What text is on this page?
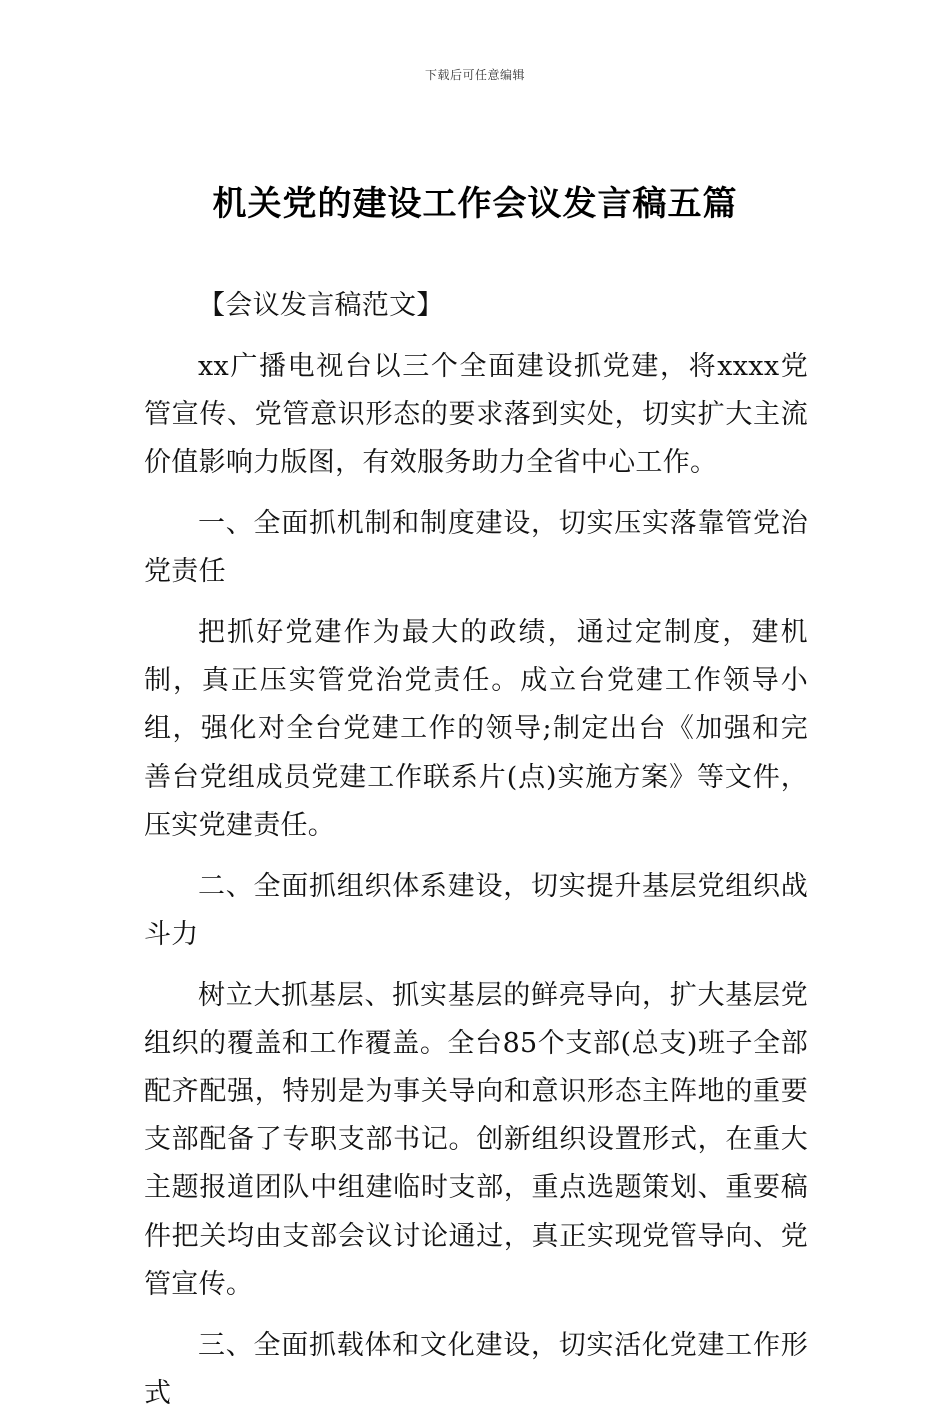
下载后可任意编辑
机关党的建设工作会议发言稿五篇

【会议发言稿范文】

xx广播电视台以三个全面建设抓党建，将xxxx党管宣传、党管意识形态的要求落到实处，切实扩大主流价值影响力版图，有效服务助力全省中心工作。

一、全面抓机制和制度建设，切实压实落靠管党治党责任

把抓好党建作为最大的政绩，通过定制度，建机制，真正压实管党治党责任。成立台党建工作领导小组，强化对全台党建工作的领导;制定出台《加强和完善台党组成员党建工作联系片(点)实施方案》等文件，压实党建责任。

二、全面抓组织体系建设，切实提升基层党组织战斗力

树立大抓基层、抓实基层的鲜亮导向，扩大基层党组织的覆盖和工作覆盖。全台85个支部(总支)班子全部配齐配强，特别是为事关导向和意识形态主阵地的重要支部配备了专职支部书记。创新组织设置形式，在重大主题报道团队中组建临时支部，重点选题策划、重要稿件把关均由支部会议讨论通过，真正实现党管导向、党管宣传。

三、全面抓载体和文化建设，切实活化党建工作形式
